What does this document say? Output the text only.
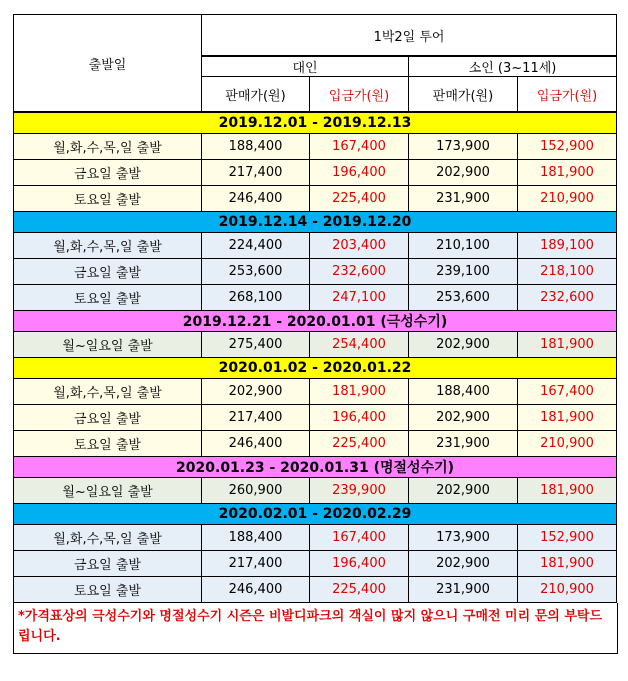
출발일	1박2일 투어			
	대인		소인 (3~11세)	
	판매가(원)	입금가(원)	판매가(원)	입금가(원)
2019.12.01 - 2019.12.13				
월,화,수,목,일 출발	188,400	167,400	173,900	152,900
금요일 출발	217,400	196,400	202,900	181,900
토요일 출발	246,400	225,400	231,900	210,900
2019.12.14 - 2019.12.20				
월,화,수,목,일 출발	224,400	203,400	210,100	189,100
금요일 출발	253,600	232,600	239,100	218,100
토요일 출발	268,100	247,100	253,600	232,600
2019.12.21 - 2020.01.01 (극성수기)				
월~일요일 출발	275,400	254,400	202,900	181,900
2020.01.02 - 2020.01.22				
월,화,수,목,일 출발	202,900	181,900	188,400	167,400
금요일 출발	217,400	196,400	202,900	181,900
토요일 출발	246,400	225,400	231,900	210,900
2020.01.23 - 2020.01.31 (명절성수기)				
월~일요일 출발	260,900	239,900	202,900	181,900
2020.02.01 - 2020.02.29				
월,화,수,목,일 출발	188,400	167,400	173,900	152,900
금요일 출발	217,400	196,400	202,900	181,900
토요일 출발	246,400	225,400	231,900	210,900
*가격표상의 극성수기와 명절성수기 시즌은 비발디파크의 객실이 많지 않으니 구매전 미리 문의 부탁드립니다.
